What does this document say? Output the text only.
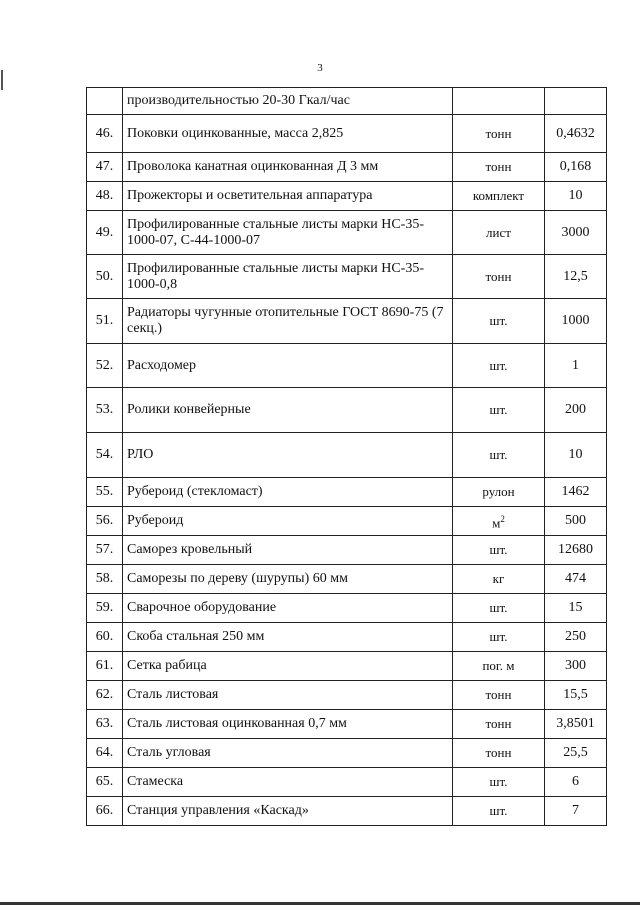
3
	производительностью 20-30 Гкал/час		
46.	Поковки оцинкованные, масса 2,825	тонн	0,4632
47.	Проволока канатная оцинкованная Д 3 мм	тонн	0,168
48.	Прожекторы и осветительная аппаратура	комплект	10
49.	Профилированные стальные листы марки НС-35-1000-07, С-44-1000-07	лист	3000
50.	Профилированные стальные листы марки НС-35-1000-0,8	тонн	12,5
51.	Радиаторы чугунные отопительные ГОСТ 8690-75 (7 секц.)	шт.	1000
52.	Расходомер	шт.	1
53.	Ролики конвейерные	шт.	200
54.	РЛО	шт.	10
55.	Рубероид (стекломаст)	рулон	1462
56.	Рубероид	$м^2$	500
57.	Саморез кровельный	шт.	12680
58.	Саморезы по дереву (шурупы) 60 мм	кг	474
59.	Сварочное оборудование	шт.	15
60.	Скоба стальная 250 мм	шт.	250
61.	Сетка рабица	пог. м	300
62.	Сталь листовая	тонн	15,5
63.	Сталь листовая оцинкованная 0,7 мм	тонн	3,8501
64.	Сталь угловая	тонн	25,5
65.	Стамеска	шт.	6
66.	Станция управления «Каскад»	шт.	7
